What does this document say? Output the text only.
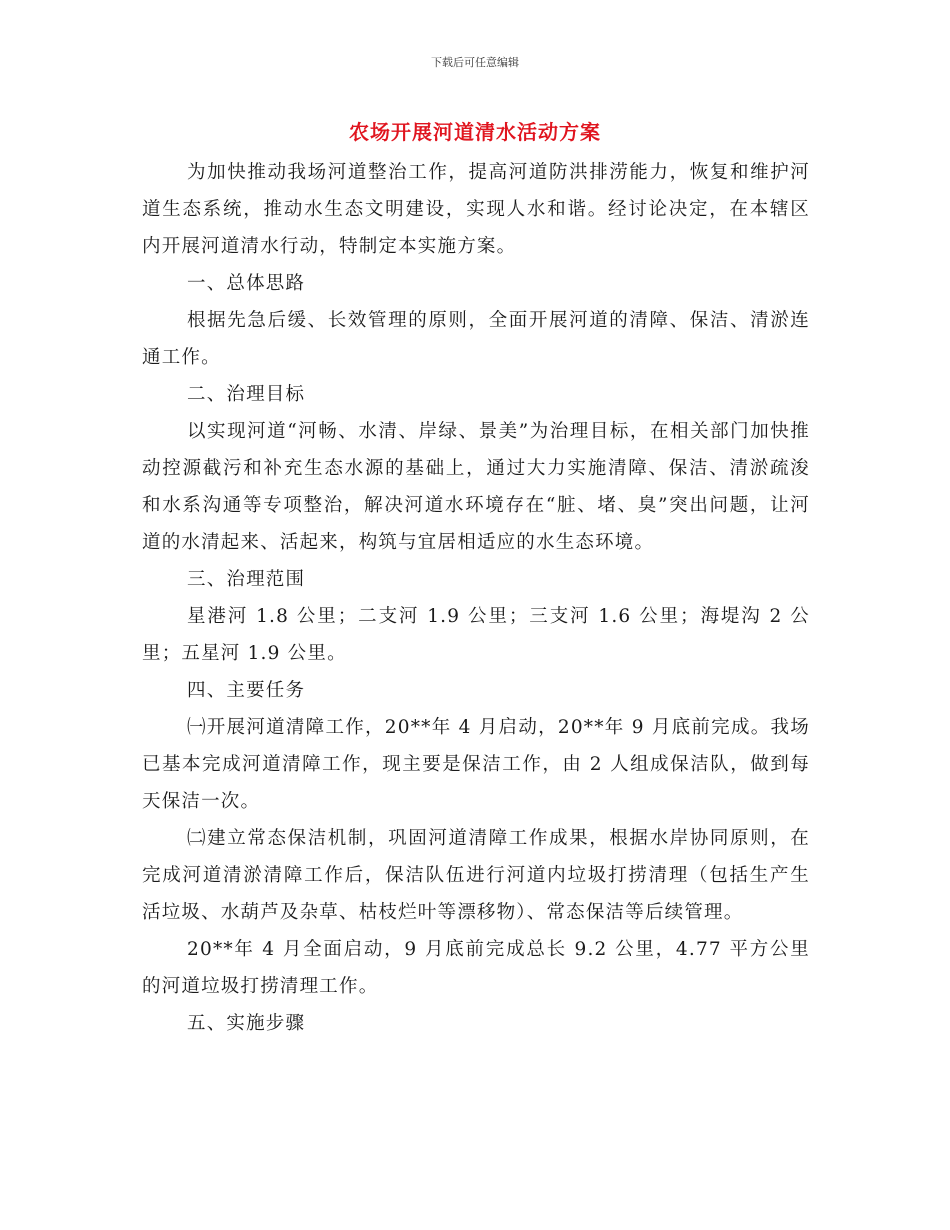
下载后可任意编辑
农场开展河道清水活动方案

为加快推动我场河道整治工作，提高河道防洪排涝能力，恢复和维护河道生态系统，推动水生态文明建设，实现人水和谐。经讨论决定，在本辖区内开展河道清水行动，特制定本实施方案。

一、总体思路

根据先急后缓、长效管理的原则，全面开展河道的清障、保洁、清淤连通工作。

二、治理目标

以实现河道“河畅、水清、岸绿、景美”为治理目标，在相关部门加快推动控源截污和补充生态水源的基础上，通过大力实施清障、保洁、清淤疏浚和水系沟通等专项整治，解决河道水环境存在“脏、堵、臭”突出问题，让河道的水清起来、活起来，构筑与宜居相适应的水生态环境。

三、治理范围

星港河 1.8 公里；二支河 1.9 公里；三支河 1.6 公里；海堤沟 2 公里；五星河 1.9 公里。

四、主要任务

㈠开展河道清障工作，20**年 4 月启动，20**年 9 月底前完成。我场已基本完成河道清障工作，现主要是保洁工作，由 2 人组成保洁队，做到每天保洁一次。

㈡建立常态保洁机制，巩固河道清障工作成果，根据水岸协同原则，在完成河道清淤清障工作后，保洁队伍进行河道内垃圾打捞清理（包括生产生活垃圾、水葫芦及杂草、枯枝烂叶等漂移物）、常态保洁等后续管理。

20**年 4 月全面启动，9 月底前完成总长 9.2 公里，4.77 平方公里的河道垃圾打捞清理工作。

五、实施步骤
